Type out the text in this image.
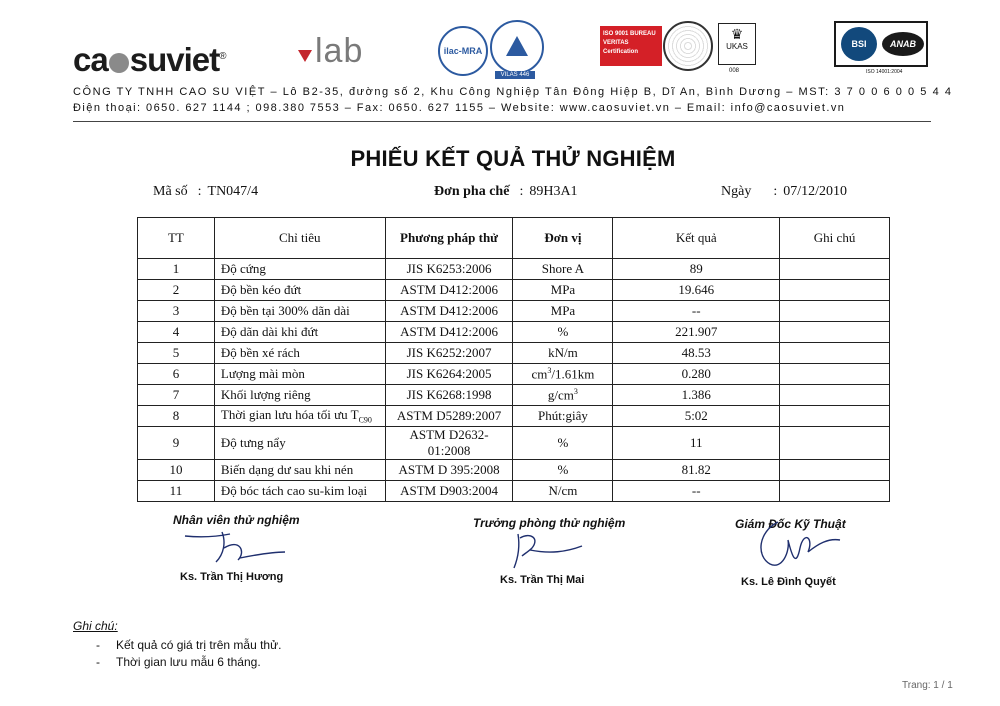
ca suviet®	lab	ilac-MRA
VILAS 446
ISO 9001 BUREAU VERITAS Certification
♛
UKAS
008
BSI	ANAB
ISO 14001:2004
CÔNG TY TNHH CAO SU VIỆT – Lô B2-35, đường số 2, Khu Công Nghiệp Tân Đông Hiệp B, Dĩ An, Bình Dương – MST: 3 7 0 0 6 0 0 5 4 4
Điện thoại: 0650. 627 1144 ; 098.380 7553 – Fax: 0650. 627 1155 – Website: www.caosuviet.vn – Email: info@caosuviet.vn
PHIẾU KẾT QUẢ THỬ NGHIỆM
Mã số : TN047/4	Đơn pha chế : 89H3A1	Ngày : 07/12/2010
TT	Chỉ tiêu	Phương pháp thử	Đơn vị	Kết quả	Ghi chú
1	Độ cứng	JIS K6253:2006	Shore A	89	
2	Độ bền kéo đứt	ASTM D412:2006	MPa	19.646	
3	Độ bền tại 300% dãn dài	ASTM D412:2006	MPa	--	
4	Độ dãn dài khi đứt	ASTM D412:2006	%	221.907	
5	Độ bền xé rách	JIS K6252:2007	kN/m	48.53	
6	Lượng mài mòn	JIS K6264:2005	$cm^3/1.61km$	0.280	
7	Khối lượng riêng	JIS K6268:1998	$g/cm^3$	1.386	
8	Thời gian lưu hóa tối ưu $T_{C90}$	ASTM D5289:2007	Phút:giây	5:02	
9	Độ tưng nẩy	ASTM D2632-01:2008	%	11	
10	Biến dạng dư sau khi nén	ASTM D 395:2008	%	81.82	
11	Độ bóc tách cao su-kim loại	ASTM D903:2004	N/cm	--	
Nhân viên thử nghiệm
Ks. Trần Thị Hương
Trưởng phòng thử nghiệm
Ks. Trần Thị Mai
Giám Đốc Kỹ Thuật
Ks. Lê Đình Quyết
Ghi chú:
- Kết quả có giá trị trên mẫu thử.
- Thời gian lưu mẫu 6 tháng.
Trang: 1 / 1
